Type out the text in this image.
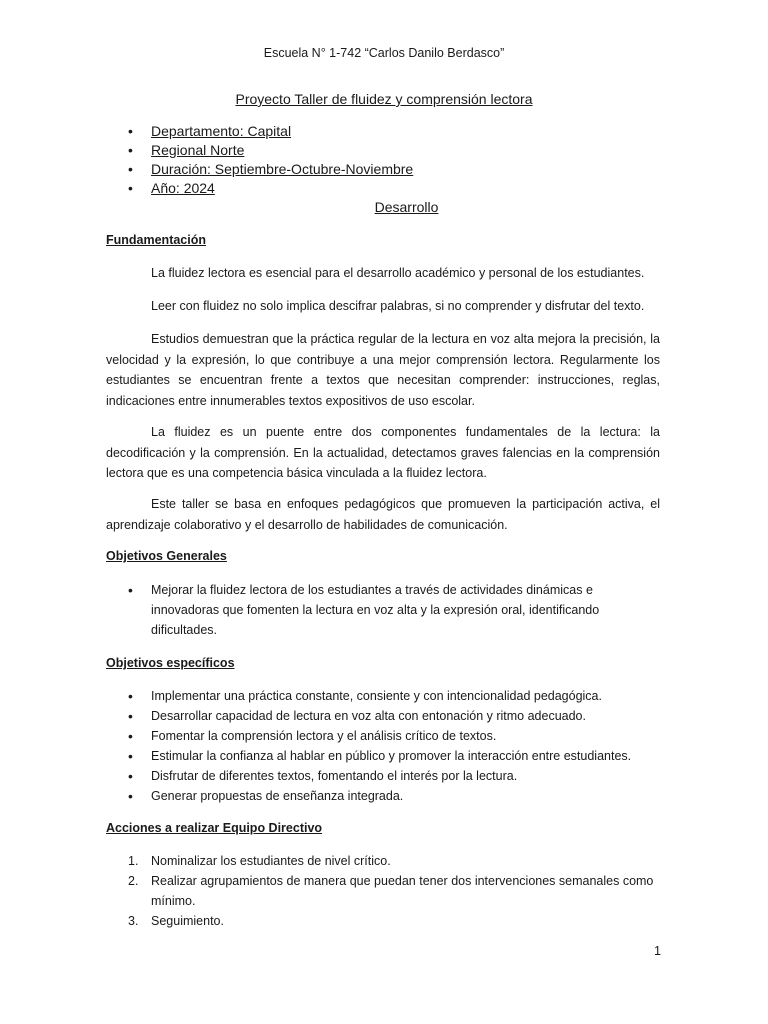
Escuela N° 1-742 “Carlos Danilo Berdasco”
Proyecto Taller de fluidez y comprensión lectora
• Departamento: Capital
• Regional Norte
• Duración: Septiembre-Octubre-Noviembre
• Año: 2024
Desarrollo
Fundamentación
La fluidez lectora es esencial para el desarrollo académico y personal de los estudiantes.
Leer con fluidez no solo implica descifrar palabras, si no comprender y disfrutar del texto.
Estudios demuestran que la práctica regular de la lectura en voz alta mejora la precisión, la velocidad y la expresión, lo que contribuye a una mejor comprensión lectora. Regularmente los estudiantes se encuentran frente a textos que necesitan comprender: instrucciones, reglas, indicaciones entre innumerables textos expositivos de uso escolar.
La fluidez es un puente entre dos componentes fundamentales de la lectura: la decodificación y la comprensión. En la actualidad, detectamos graves falencias en la comprensión lectora que es una competencia básica vinculada a la fluidez lectora.
Este taller se basa en enfoques pedagógicos que promueven la participación activa, el aprendizaje colaborativo y el desarrollo de habilidades de comunicación.
Objetivos Generales
• Mejorar la fluidez lectora de los estudiantes a través de actividades dinámicas e innovadoras que fomenten la lectura en voz alta y la expresión oral, identificando dificultades.
Objetivos específicos
• Implementar una práctica constante, consiente y con intencionalidad pedagógica.
• Desarrollar capacidad de lectura en voz alta con entonación y ritmo adecuado.
• Fomentar la comprensión lectora y el análisis crítico de textos.
• Estimular la confianza al hablar en público y promover la interacción entre estudiantes.
• Disfrutar de diferentes textos, fomentando el interés por la lectura.
• Generar propuestas de enseñanza integrada.
Acciones a realizar Equipo Directivo
1. Nominalizar los estudiantes de nivel crítico.
2. Realizar agrupamientos de manera que puedan tener dos intervenciones semanales como mínimo.
3. Seguimiento.
1
